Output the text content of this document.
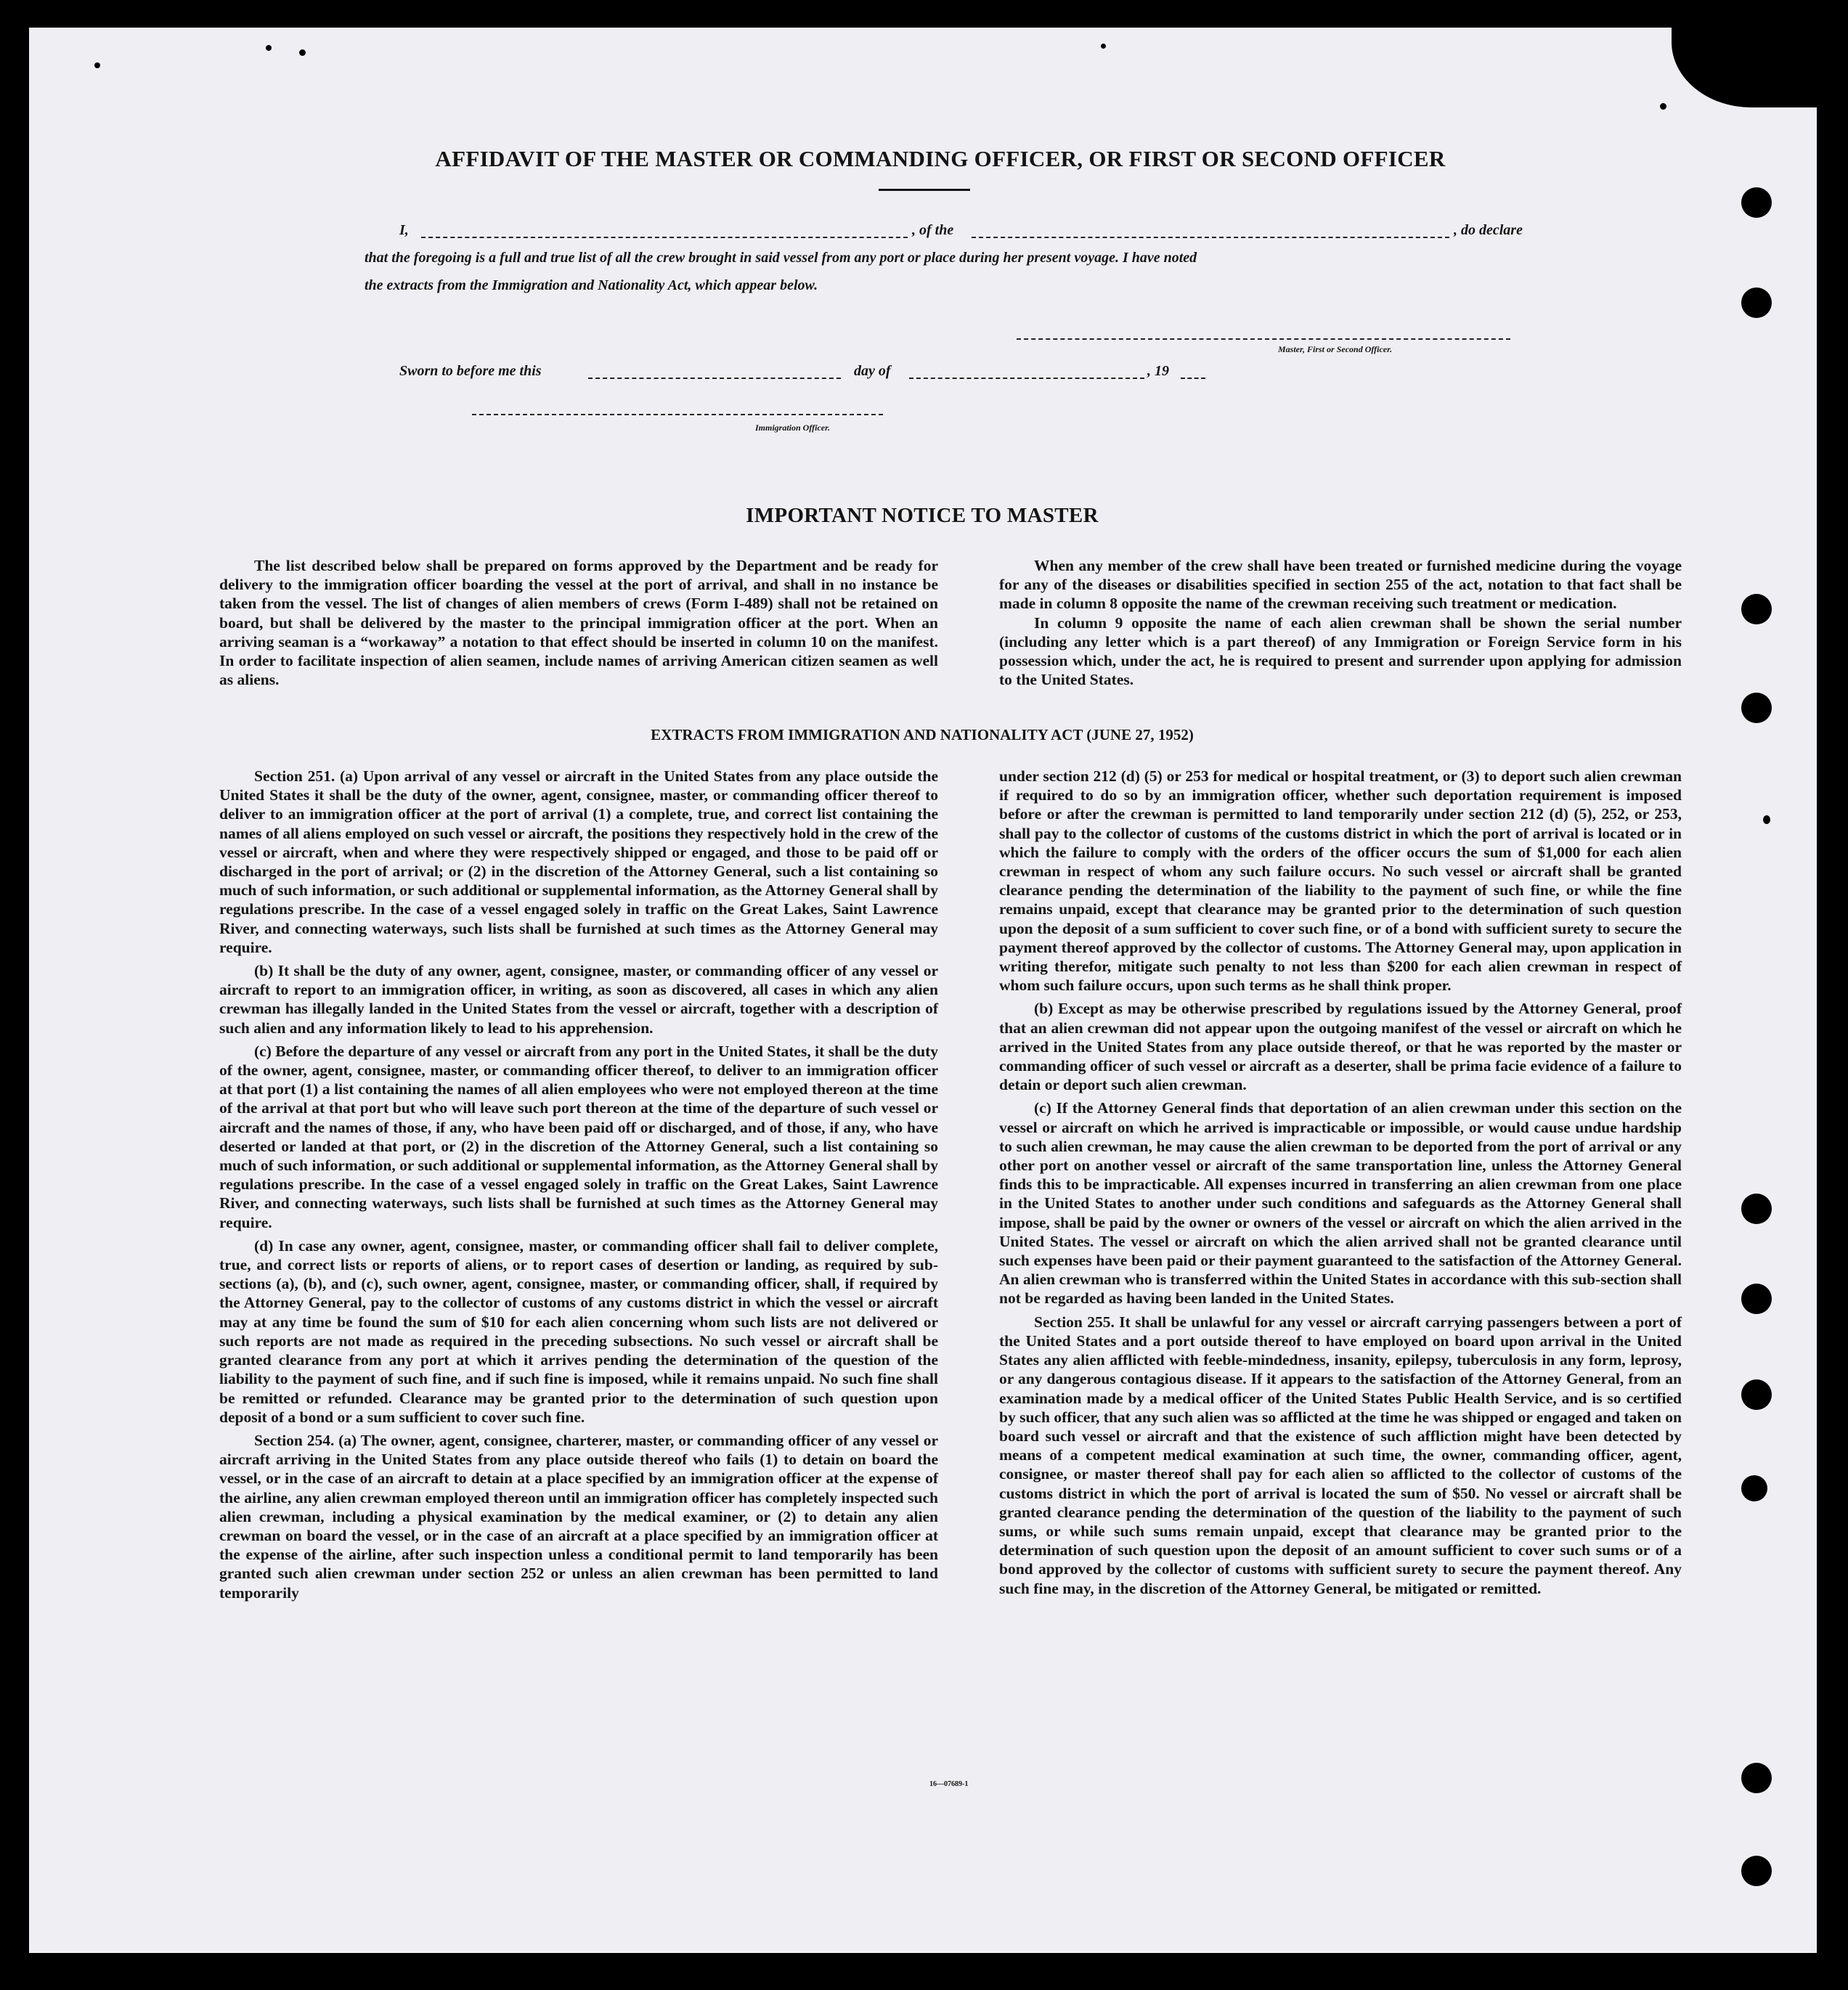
AFFIDAVIT OF THE MASTER OR COMMANDING OFFICER, OR FIRST OR SECOND OFFICER
I,	, of the	, do declare
that the foregoing is a full and true list of all the crew brought in said vessel from any port or place during her present voyage. I have noted
the extracts from the Immigration and Nationality Act, which appear below.
Master, First or Second Officer.
Sworn to before me this	day of	, 19
Immigration Officer.
IMPORTANT NOTICE TO MASTER

The list described below shall be prepared on forms approved by the Department and be ready for delivery to the immigration officer boarding the vessel at the port of arrival, and shall in no instance be taken from the vessel. The list of changes of alien members of crews (Form I-489) shall not be retained on board, but shall be delivered by the master to the principal immigration officer at the port. When an arriving seaman is a “workaway” a notation to that effect should be inserted in column 10 on the manifest. In order to facilitate inspection of alien seamen, include names of arriving American citizen seamen as well as aliens.

When any member of the crew shall have been treated or furnished medicine during the voyage for any of the diseases or disabilities specified in section 255 of the act, notation to that fact shall be made in column 8 opposite the name of the crewman receiving such treatment or medication.

In column 9 opposite the name of each alien crewman shall be shown the serial number (including any letter which is a part thereof) of any Immigration or Foreign Service form in his possession which, under the act, he is required to present and surrender upon applying for admission to the United States.

EXTRACTS FROM IMMIGRATION AND NATIONALITY ACT (JUNE 27, 1952)

Section 251. (a) Upon arrival of any vessel or aircraft in the United States from any place outside the United States it shall be the duty of the owner, agent, consignee, master, or commanding officer thereof to deliver to an immigration officer at the port of arrival (1) a complete, true, and correct list containing the names of all aliens employed on such vessel or aircraft, the positions they respectively hold in the crew of the vessel or aircraft, when and where they were respectively shipped or engaged, and those to be paid off or discharged in the port of arrival; or (2) in the discretion of the Attorney General, such a list containing so much of such information, or such additional or supplemental information, as the Attorney General shall by regulations prescribe. In the case of a vessel engaged solely in traffic on the Great Lakes, Saint Lawrence River, and connecting waterways, such lists shall be furnished at such times as the Attorney General may require.

(b) It shall be the duty of any owner, agent, consignee, master, or commanding officer of any vessel or aircraft to report to an immigration officer, in writing, as soon as discovered, all cases in which any alien crewman has illegally landed in the United States from the vessel or aircraft, together with a description of such alien and any information likely to lead to his apprehension.

(c) Before the departure of any vessel or aircraft from any port in the United States, it shall be the duty of the owner, agent, consignee, master, or commanding officer thereof, to deliver to an immigration officer at that port (1) a list containing the names of all alien employees who were not employed thereon at the time of the arrival at that port but who will leave such port thereon at the time of the departure of such vessel or aircraft and the names of those, if any, who have been paid off or discharged, and of those, if any, who have deserted or landed at that port, or (2) in the discretion of the Attorney General, such a list containing so much of such information, or such additional or supplemental information, as the Attorney General shall by regulations prescribe. In the case of a vessel engaged solely in traffic on the Great Lakes, Saint Lawrence River, and connecting waterways, such lists shall be furnished at such times as the Attorney General may require.

(d) In case any owner, agent, consignee, master, or commanding officer shall fail to deliver complete, true, and correct lists or reports of aliens, or to report cases of desertion or landing, as required by sub-sections (a), (b), and (c), such owner, agent, consignee, master, or commanding officer, shall, if required by the Attorney General, pay to the collector of customs of any customs district in which the vessel or aircraft may at any time be found the sum of $10 for each alien concerning whom such lists are not delivered or such reports are not made as required in the preceding subsections. No such vessel or aircraft shall be granted clearance from any port at which it arrives pending the determination of the question of the liability to the payment of such fine, and if such fine is imposed, while it remains unpaid. No such fine shall be remitted or refunded. Clearance may be granted prior to the determination of such question upon deposit of a bond or a sum sufficient to cover such fine.

Section 254. (a) The owner, agent, consignee, charterer, master, or commanding officer of any vessel or aircraft arriving in the United States from any place outside thereof who fails (1) to detain on board the vessel, or in the case of an aircraft to detain at a place specified by an immigration officer at the expense of the airline, any alien crewman employed thereon until an immigration officer has completely inspected such alien crewman, including a physical examination by the medical examiner, or (2) to detain any alien crewman on board the vessel, or in the case of an aircraft at a place specified by an immigration officer at the expense of the airline, after such inspection unless a conditional permit to land temporarily has been granted such alien crewman under section 252 or unless an alien crewman has been permitted to land temporarily

under section 212 (d) (5) or 253 for medical or hospital treatment, or (3) to deport such alien crewman if required to do so by an immigration officer, whether such deportation requirement is imposed before or after the crewman is permitted to land temporarily under section 212 (d) (5), 252, or 253, shall pay to the collector of customs of the customs district in which the port of arrival is located or in which the failure to comply with the orders of the officer occurs the sum of $1,000 for each alien crewman in respect of whom any such failure occurs. No such vessel or aircraft shall be granted clearance pending the determination of the liability to the payment of such fine, or while the fine remains unpaid, except that clearance may be granted prior to the determination of such question upon the deposit of a sum sufficient to cover such fine, or of a bond with sufficient surety to secure the payment thereof approved by the collector of customs. The Attorney General may, upon application in writing therefor, mitigate such penalty to not less than $200 for each alien crewman in respect of whom such failure occurs, upon such terms as he shall think proper.

(b) Except as may be otherwise prescribed by regulations issued by the Attorney General, proof that an alien crewman did not appear upon the outgoing manifest of the vessel or aircraft on which he arrived in the United States from any place outside thereof, or that he was reported by the master or commanding officer of such vessel or aircraft as a deserter, shall be prima facie evidence of a failure to detain or deport such alien crewman.

(c) If the Attorney General finds that deportation of an alien crewman under this section on the vessel or aircraft on which he arrived is impracticable or impossible, or would cause undue hardship to such alien crewman, he may cause the alien crewman to be deported from the port of arrival or any other port on another vessel or aircraft of the same transportation line, unless the Attorney General finds this to be impracticable. All expenses incurred in transferring an alien crewman from one place in the United States to another under such conditions and safeguards as the Attorney General shall impose, shall be paid by the owner or owners of the vessel or aircraft on which the alien arrived in the United States. The vessel or aircraft on which the alien arrived shall not be granted clearance until such expenses have been paid or their payment guaranteed to the satisfaction of the Attorney General. An alien crewman who is transferred within the United States in accordance with this sub-section shall not be regarded as having been landed in the United States.

Section 255. It shall be unlawful for any vessel or aircraft carrying passengers between a port of the United States and a port outside thereof to have employed on board upon arrival in the United States any alien afflicted with feeble-mindedness, insanity, epilepsy, tuberculosis in any form, leprosy, or any dangerous contagious disease. If it appears to the satisfaction of the Attorney General, from an examination made by a medical officer of the United States Public Health Service, and is so certified by such officer, that any such alien was so afflicted at the time he was shipped or engaged and taken on board such vessel or aircraft and that the existence of such affliction might have been detected by means of a competent medical examination at such time, the owner, commanding officer, agent, consignee, or master thereof shall pay for each alien so afflicted to the collector of customs of the customs district in which the port of arrival is located the sum of $50. No vessel or aircraft shall be granted clearance pending the determination of the question of the liability to the payment of such sums, or while such sums remain unpaid, except that clearance may be granted prior to the determination of such question upon the deposit of an amount sufficient to cover such sums or of a bond approved by the collector of customs with sufficient surety to secure the payment thereof. Any such fine may, in the discretion of the Attorney General, be mitigated or remitted.

16—07689-1
